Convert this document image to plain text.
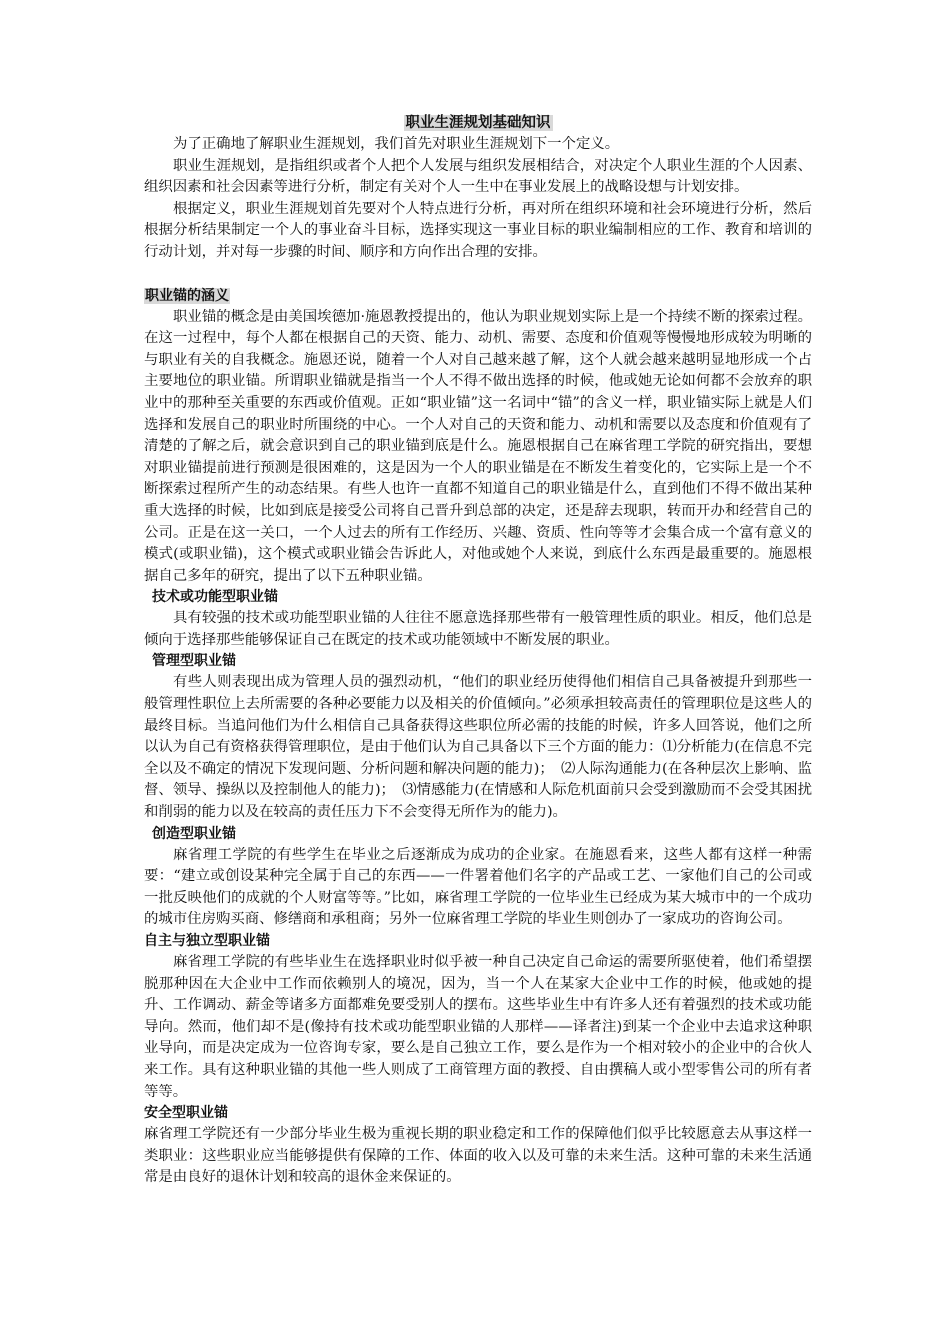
职业生涯规划基础知识

为了正确地了解职业生涯规划，我们首先对职业生涯规划下一个定义。

职业生涯规划，是指组织或者个人把个人发展与组织发展相结合，对决定个人职业生涯的个人因素、组织因素和社会因素等进行分析，制定有关对个人一生中在事业发展上的战略设想与计划安排。

根据定义，职业生涯规划首先要对个人特点进行分析，再对所在组织环境和社会环境进行分析，然后根据分析结果制定一个人的事业奋斗目标，选择实现这一事业目标的职业编制相应的工作、教育和培训的行动计划，并对每一步骤的时间、顺序和方向作出合理的安排。

职业锚的涵义

职业锚的概念是由美国埃德加·施恩教授提出的，他认为职业规划实际上是一个持续不断的探索过程。在这一过程中，每个人都在根据自己的天资、能力、动机、需要、态度和价值观等慢慢地形成较为明晰的与职业有关的自我概念。施恩还说，随着一个人对自己越来越了解，这个人就会越来越明显地形成一个占主要地位的职业锚。所谓职业锚就是指当一个人不得不做出选择的时候，他或她无论如何都不会放弃的职业中的那种至关重要的东西或价值观。正如“职业锚”这一名词中“锚”的含义一样，职业锚实际上就是人们选择和发展自己的职业时所围绕的中心。一个人对自己的天资和能力、动机和需要以及态度和价值观有了清楚的了解之后，就会意识到自己的职业锚到底是什么。施恩根据自己在麻省理工学院的研究指出，要想对职业锚提前进行预测是很困难的，这是因为一个人的职业锚是在不断发生着变化的，它实际上是一个不断探索过程所产生的动态结果。有些人也许一直都不知道自己的职业锚是什么，直到他们不得不做出某种重大选择的时候，比如到底是接受公司将自己晋升到总部的决定，还是辞去现职，转而开办和经营自己的公司。正是在这一关口，一个人过去的所有工作经历、兴趣、资质、性向等等才会集合成一个富有意义的模式(或职业锚)，这个模式或职业锚会告诉此人，对他或她个人来说，到底什么东西是最重要的。施恩根据自己多年的研究，提出了以下五种职业锚。

技术或功能型职业锚

具有较强的技术或功能型职业锚的人往往不愿意选择那些带有一般管理性质的职业。相反，他们总是倾向于选择那些能够保证自己在既定的技术或功能领域中不断发展的职业。

管理型职业锚

有些人则表现出成为管理人员的强烈动机，“他们的职业经历使得他们相信自己具备被提升到那些一般管理性职位上去所需要的各种必要能力以及相关的价值倾向。”必须承担较高责任的管理职位是这些人的最终目标。当追问他们为什么相信自己具备获得这些职位所必需的技能的时候，许多人回答说，他们之所以认为自己有资格获得管理职位，是由于他们认为自己具备以下三个方面的能力：⑴分析能力(在信息不完全以及不确定的情况下发现问题、分析问题和解决问题的能力)；　⑵人际沟通能力(在各种层次上影响、监督、领导、操纵以及控制他人的能力)；　⑶情感能力(在情感和人际危机面前只会受到激励而不会受其困扰和削弱的能力以及在较高的责任压力下不会变得无所作为的能力)。

创造型职业锚

麻省理工学院的有些学生在毕业之后逐渐成为成功的企业家。在施恩看来，这些人都有这样一种需要：“建立或创设某种完全属于自己的东西——一件署着他们名字的产品或工艺、一家他们自己的公司或一批反映他们的成就的个人财富等等。”比如，麻省理工学院的一位毕业生已经成为某大城市中的一个成功的城市住房购买商、修缮商和承租商；另外一位麻省理工学院的毕业生则创办了一家成功的咨询公司。

自主与独立型职业锚

麻省理工学院的有些毕业生在选择职业时似乎被一种自己决定自己命运的需要所驱使着，他们希望摆脱那种因在大企业中工作而依赖别人的境况，因为，当一个人在某家大企业中工作的时候，他或她的提升、工作调动、薪金等诸多方面都难免要受别人的摆布。这些毕业生中有许多人还有着强烈的技术或功能导向。然而，他们却不是(像持有技术或功能型职业锚的人那样——译者注)到某一个企业中去追求这种职业导向，而是决定成为一位咨询专家，要么是自己独立工作，要么是作为一个相对较小的企业中的合伙人来工作。具有这种职业锚的其他一些人则成了工商管理方面的教授、自由撰稿人或小型零售公司的所有者等等。

安全型职业锚

麻省理工学院还有一少部分毕业生极为重视长期的职业稳定和工作的保障他们似乎比较愿意去从事这样一类职业：这些职业应当能够提供有保障的工作、体面的收入以及可靠的未来生活。这种可靠的未来生活通常是由良好的退休计划和较高的退休金来保证的。
